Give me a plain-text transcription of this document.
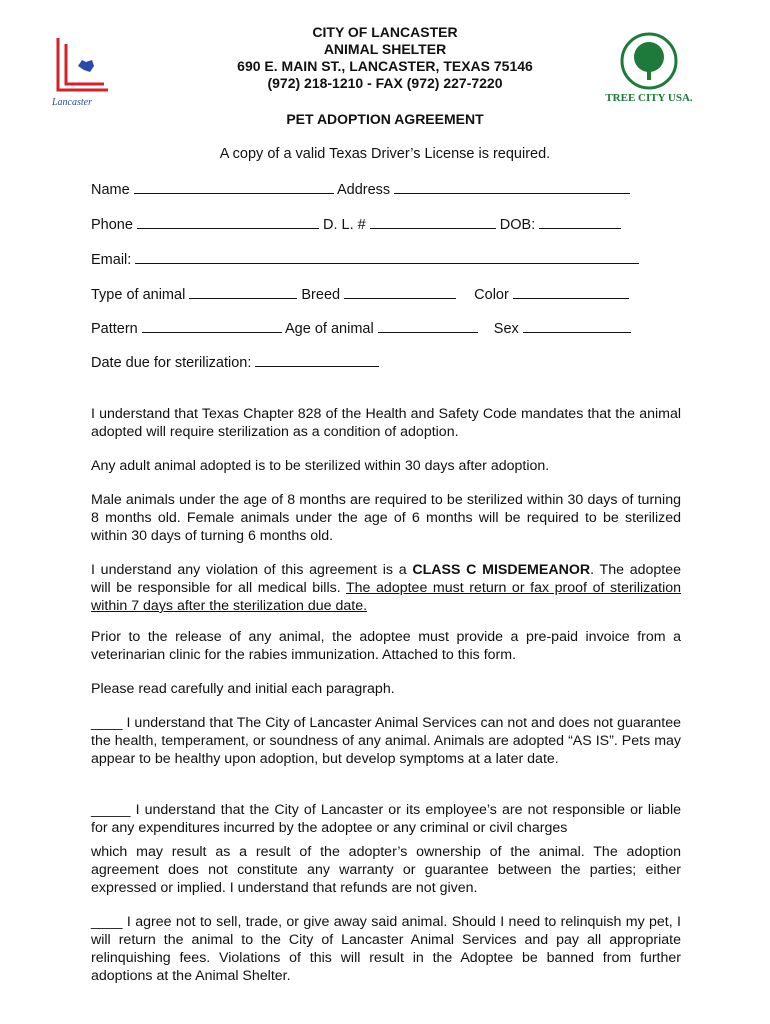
Lancaster	TREE CITY USA.
CITY OF LANCASTER
ANIMAL SHELTER
690 E. MAIN ST., LANCASTER, TEXAS 75146
(972) 218-1210 - FAX (972) 227-7220
PET ADOPTION AGREEMENT
A copy of a valid Texas Driver’s License is required.
Name	Address
Phone	D. L. #	DOB:
Email:
Type of animal	Breed	Color
Pattern	Age of animal	Sex
Date due for sterilization:
I understand that Texas Chapter 828 of the Health and Safety Code mandates that the animal adopted will require sterilization as a condition of adoption.
Any adult animal adopted is to be sterilized within 30 days after adoption.
Male animals under the age of 8 months are required to be sterilized within 30 days of turning 8 months old. Female animals under the age of 6 months will be required to be sterilized within 30 days of turning 6 months old.
I understand any violation of this agreement is a CLASS C MISDEMEANOR. The adoptee will be responsible for all medical bills. The adoptee must return or fax proof of sterilization within 7 days after the sterilization due date.
Prior to the release of any animal, the adoptee must provide a pre-paid invoice from a veterinarian clinic for the rabies immunization. Attached to this form.
Please read carefully and initial each paragraph.
____ I understand that The City of Lancaster Animal Services can not and does not guarantee the health, temperament, or soundness of any animal. Animals are adopted “AS IS”. Pets may appear to be healthy upon adoption, but develop symptoms at a later date.
_____ I understand that the City of Lancaster or its employee’s are not responsible or liable for any expenditures incurred by the adoptee or any criminal or civil charges
which may result as a result of the adopter’s ownership of the animal. The adoption agreement does not constitute any warranty or guarantee between the parties; either expressed or implied. I understand that refunds are not given.
____ I agree not to sell, trade, or give away said animal. Should I need to relinquish my pet, I will return the animal to the City of Lancaster Animal Services and pay all appropriate relinquishing fees. Violations of this will result in the Adoptee be banned from further adoptions at the Animal Shelter.
